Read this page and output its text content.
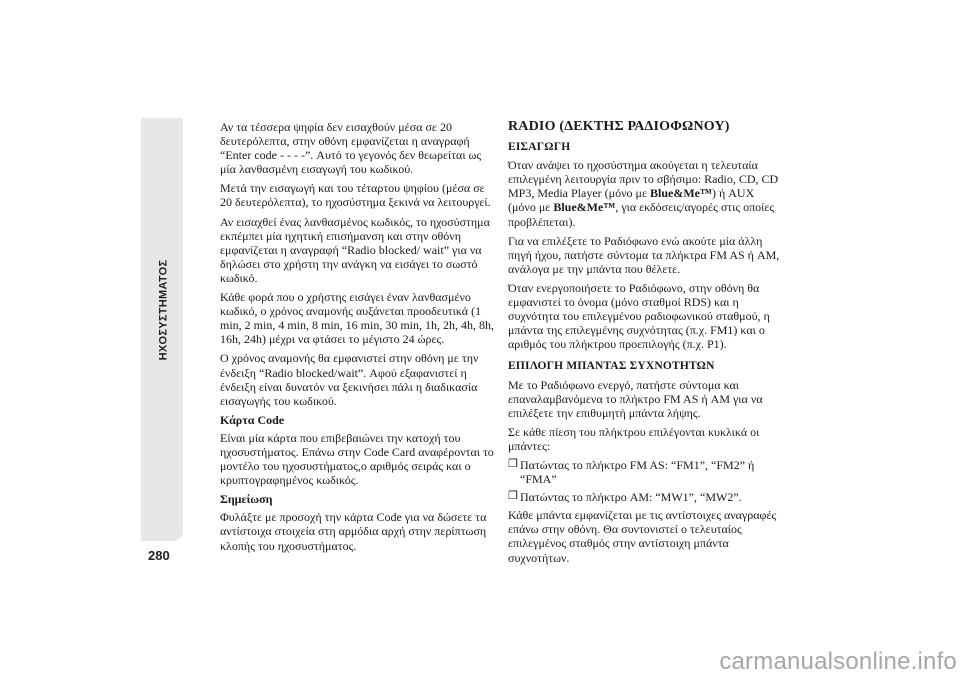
ΗΧΟΣΥΣΤΗΜΑΤΟΣ
280

Αν τα τέσσερα ψηφία δεν εισαχθούν μέσα σε 20 δευτερόλεπτα, στην οθόνη εμφανίζεται η αναγραφή “Enter code - - - -”. Αυτό το γεγονός δεν θεωρείται ως μία λανθασμένη εισαγωγή του κωδικού.

Μετά την εισαγωγή και του τέταρτου ψηφίου (μέσα σε 20 δευτερόλεπτα), το ηχοσύστημα ξεκινά να λειτουργεί.

Αν εισαχθεί ένας λανθασμένος κωδικός, το ηχοσύστημα εκπέμπει μία ηχητική επισήμανση και στην οθόνη εμφανίζεται η αναγραφή “Radio blocked/ wait” για να δηλώσει στο χρήστη την ανάγκη να εισάγει το σωστό κωδικό.

Κάθε φορά που ο χρήστης εισάγει έναν λανθασμένο κωδικό, ο χρόνος αναμονής αυξάνεται προοδευτικά (1 min, 2 min, 4 min, 8 min, 16 min, 30 min, 1h, 2h, 4h, 8h, 16h, 24h) μέχρι να φτάσει το μέγιστο 24 ώρες.

Ο χρόνος αναμονής θα εμφανιστεί στην οθόνη με την ένδειξη “Radio blocked/wait”. Αφού εξαφανιστεί η ένδειξη είναι δυνατόν να ξεκινήσει πάλι η διαδικασία εισαγωγής του κωδικού.

Κάρτα Code

Είναι μία κάρτα που επιβεβαιώνει την κατοχή του ηχοσυστήματος. Επάνω στην Code Card αναφέρονται το μοντέλο του ηχοσυστήματος,ο αριθμός σειράς και ο κρυπτογραφημένος κωδικός.

Σημείωση

Φυλάξτε με προσοχή την κάρτα Code για να δώσετε τα αντίστοιχα στοιχεία στη αρμόδια αρχή στην περίπτωση κλοπής του ηχοσυστήματος.

RADIO (ΔΕΚΤΗΣ ΡΑΔΙΟΦΩΝΟΥ)
ΕΙΣΑΓΩΓΗ

Όταν ανάψει το ηχοσύστημα ακούγεται η τελευταία επιλεγμένη λειτουργία πριν το σβήσιμο: Radio, CD, CD MP3, Media Player (μόνο με Blue&Me™) ή AUX (μόνο με Blue&Me™, για εκδόσεις/αγορές στις οποίες προβλέπεται).

Για να επιλέξετε το Ραδιόφωνο ενώ ακούτε μία άλλη πηγή ήχου, πατήστε σύντομα τα πλήκτρα FM AS ή AM, ανάλογα με την μπάντα που θέλετε.

Όταν ενεργοποιήσετε το Ραδιόφωνο, στην οθόνη θα εμφανιστεί το όνομα (μόνο σταθμοί RDS) και η συχνότητα του επιλεγμένου ραδιοφωνικού σταθμού, η μπάντα της επιλεγμένης συχνότητας (π.χ. FM1) και ο αριθμός του πλήκτρου προεπιλογής (π.χ. P1).

ΕΠΙΛΟΓΗ ΜΠΑΝΤΑΣ ΣΥΧΝΟΤΗΤΩΝ

Με το Ραδιόφωνο ενεργό, πατήστε σύντομα και επαναλαμβανόμενα το πλήκτρο FM AS ή AM για να επιλέξετε την επιθυμητή μπάντα λήψης.

Σε κάθε πίεση του πλήκτρου επιλέγονται κυκλικά οι μπάντες:

❒ Πατώντας το πλήκτρο FM AS: “FM1”, “FM2” ή “FMA”
❒ Πατώντας το πλήκτρο AM: “MW1”, “MW2”.

Κάθε μπάντα εμφανίζεται με τις αντίστοιχες αναγραφές επάνω στην οθόνη. Θα συντονιστεί ο τελευταίος επιλεγμένος σταθμός στην αντίστοιχη μπάντα συχνοτήτων.

carmanualsonline.info
